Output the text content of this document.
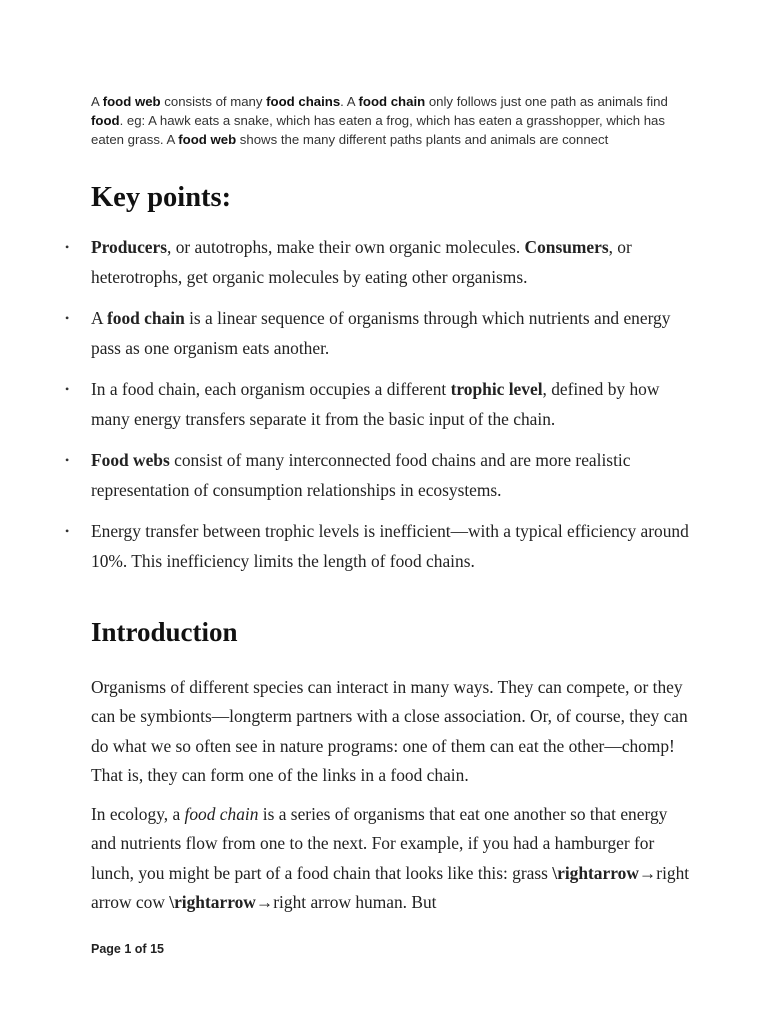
A food web consists of many food chains. A food chain only follows just one path as animals find food. eg: A hawk eats a snake, which has eaten a frog, which has eaten a grasshopper, which has eaten grass. A food web shows the many different paths plants and animals are connect

Key points:
• Producers, or autotrophs, make their own organic molecules. Consumers, or heterotrophs, get organic molecules by eating other organisms.
• A food chain is a linear sequence of organisms through which nutrients and energy pass as one organism eats another.
• In a food chain, each organism occupies a different trophic level, defined by how many energy transfers separate it from the basic input of the chain.
• Food webs consist of many interconnected food chains and are more realistic representation of consumption relationships in ecosystems.
• Energy transfer between trophic levels is inefficient—with a typical efficiency around 10%. This inefficiency limits the length of food chains.
Introduction

Organisms of different species can interact in many ways. They can compete, or they can be symbionts—longterm partners with a close association. Or, of course, they can do what we so often see in nature programs: one of them can eat the other—chomp! That is, they can form one of the links in a food chain.

In ecology, a food chain is a series of organisms that eat one another so that energy and nutrients flow from one to the next. For example, if you had a hamburger for lunch, you might be part of a food chain that looks like this: grass \rightarrow→right arrow cow \rightarrow→right arrow human. But

Page 1 of 15
